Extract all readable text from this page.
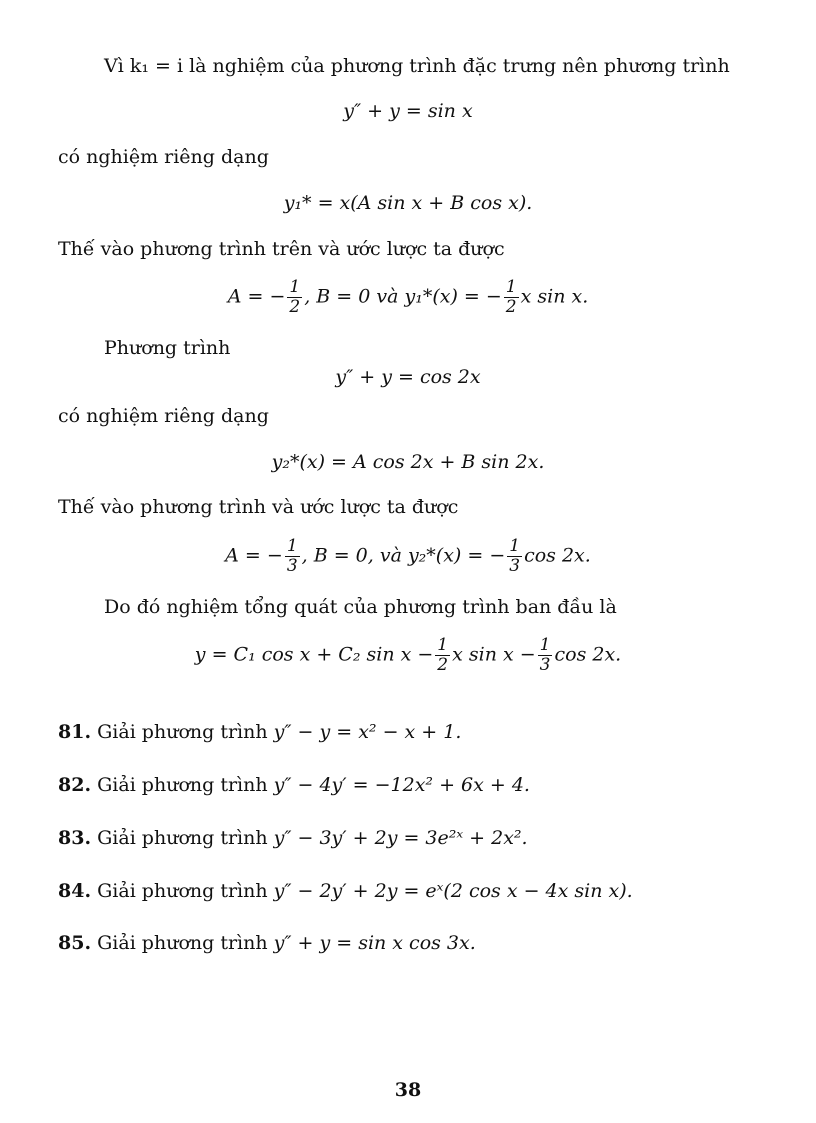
Vì k₁ = i là nghiệm của phương trình đặc trưng nên phương trình
y″ + y = sin x
có nghiệm riêng dạng
y₁* = x(A sin x + B cos x).
Thế vào phương trình trên và ước lược ta được
A = − $\frac{1}{2}$ , B = 0 và y₁*(x) = − $\frac{1}{2}$ x sin x.
Phương trình
y″ + y = cos 2x
có nghiệm riêng dạng
y₂*(x) = A cos 2x + B sin 2x.
Thế vào phương trình và ước lược ta được
A = − $\frac{1}{3}$ , B = 0, và y₂*(x) = − $\frac{1}{3}$ cos 2x.
Do đó nghiệm tổng quát của phương trình ban đầu là
y = C₁ cos x + C₂ $\sin x - \frac{1}{2}$ x $\sin x - \frac{1}{3}$ cos 2x.
81. Giải phương trình y″ − y = x² − x + 1.
82. Giải phương trình y″ − 4y′ = −12x² + 6x + 4.
83. Giải phương trình y″ − 3y′ + 2y = 3e²ˣ + 2x².
84. Giải phương trình y″ − 2y′ + 2y = eˣ(2 cos x − 4x sin x).
85. Giải phương trình y″ + y = sin x cos 3x.
38
